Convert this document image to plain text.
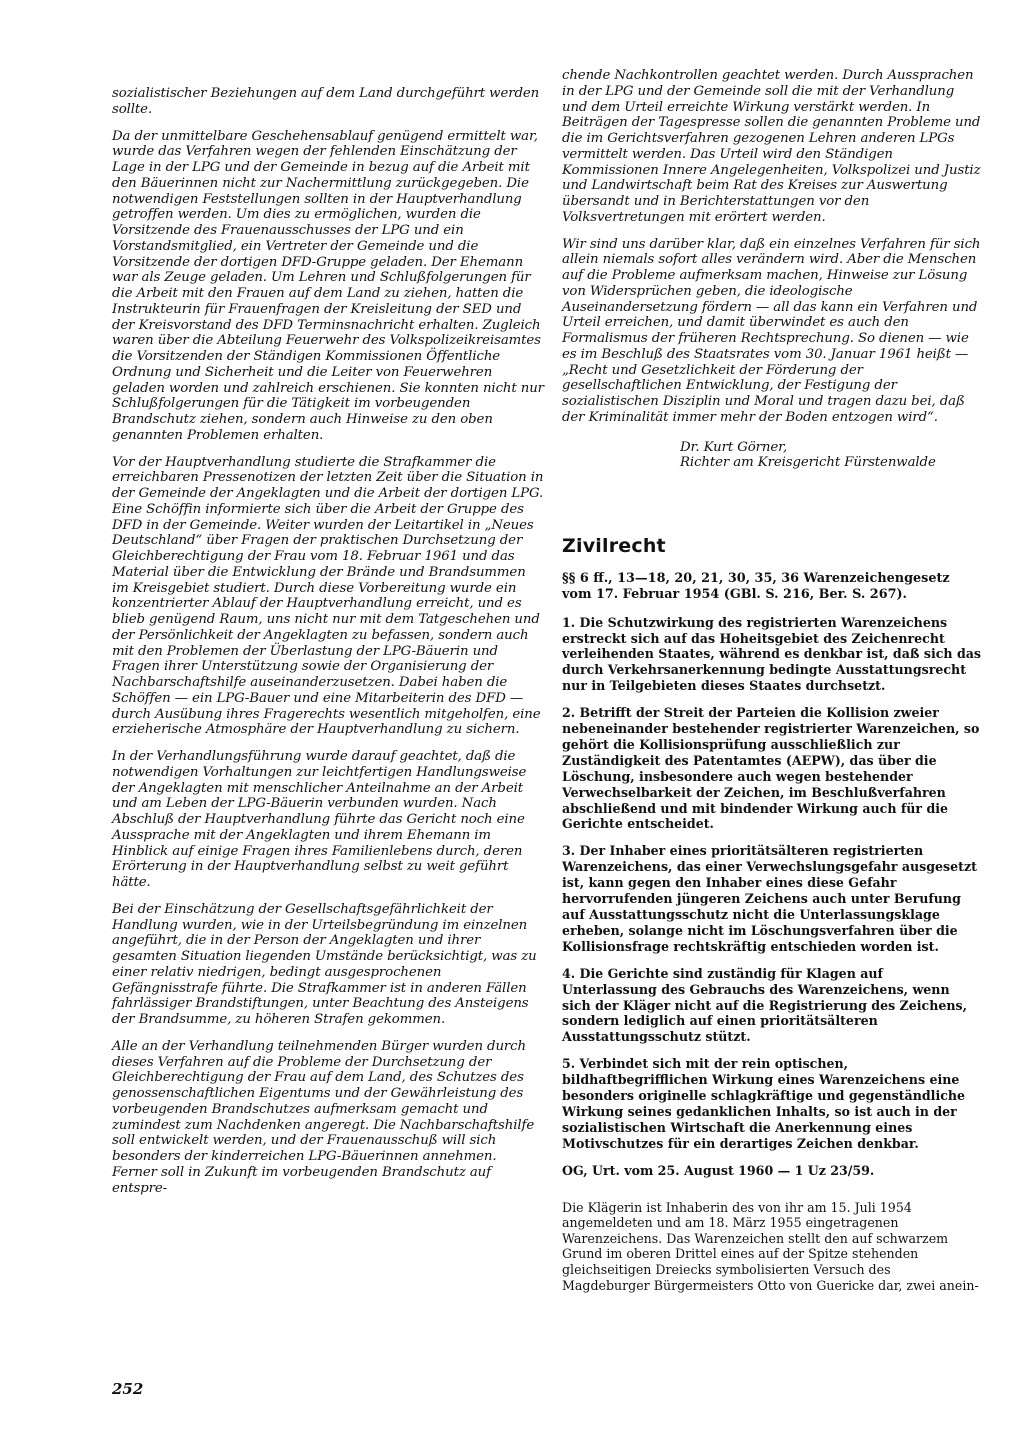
sozialistischer Beziehungen auf dem Land durchgeführt werden sollte.

Da der unmittelbare Geschehensablauf genügend ermittelt war, wurde das Verfahren wegen der fehlenden Einschätzung der Lage in der LPG und der Gemeinde in bezug auf die Arbeit mit den Bäuerinnen nicht zur Nachermittlung zurückgegeben. Die notwendigen Feststellungen sollten in der Hauptverhandlung getroffen werden. Um dies zu ermöglichen, wurden die Vorsitzende des Frauenausschusses der LPG und ein Vorstandsmitglied, ein Vertreter der Gemeinde und die Vorsitzende der dortigen DFD-Gruppe geladen. Der Ehemann war als Zeuge geladen. Um Lehren und Schlußfolgerungen für die Arbeit mit den Frauen auf dem Land zu ziehen, hatten die Instrukteurin für Frauenfragen der Kreisleitung der SED und der Kreisvorstand des DFD Terminsnachricht erhalten. Zugleich waren über die Abteilung Feuerwehr des Volkspolizeikreisamtes die Vorsitzenden der Ständigen Kommissionen Öffentliche Ordnung und Sicherheit und die Leiter von Feuerwehren geladen worden und zahlreich erschienen. Sie konnten nicht nur Schlußfolgerungen für die Tätigkeit im vorbeugenden Brandschutz ziehen, sondern auch Hinweise zu den oben genannten Problemen erhalten.

Vor der Hauptverhandlung studierte die Strafkammer die erreichbaren Pressenotizen der letzten Zeit über die Situation in der Gemeinde der Angeklagten und die Arbeit der dortigen LPG. Eine Schöffin informierte sich über die Arbeit der Gruppe des DFD in der Gemeinde. Weiter wurden der Leitartikel in „Neues Deutschland“ über Fragen der praktischen Durchsetzung der Gleichberechtigung der Frau vom 18. Februar 1961 und das Material über die Entwicklung der Brände und Brandsummen im Kreisgebiet studiert. Durch diese Vorbereitung wurde ein konzentrierter Ablauf der Hauptverhandlung erreicht, und es blieb genügend Raum, uns nicht nur mit dem Tatgeschehen und der Persönlichkeit der Angeklagten zu befassen, sondern auch mit den Problemen der Überlastung der LPG-Bäuerin und Fragen ihrer Unterstützung sowie der Organisierung der Nachbarschaftshilfe auseinanderzusetzen. Dabei haben die Schöffen — ein LPG-Bauer und eine Mitarbeiterin des DFD — durch Ausübung ihres Fragerechts wesentlich mitgeholfen, eine erzieherische Atmosphäre der Hauptverhandlung zu sichern.

In der Verhandlungsführung wurde darauf geachtet, daß die notwendigen Vorhaltungen zur leichtfertigen Handlungsweise der Angeklagten mit menschlicher Anteilnahme an der Arbeit und am Leben der LPG-Bäuerin verbunden wurden. Nach Abschluß der Hauptverhandlung führte das Gericht noch eine Aussprache mit der Angeklagten und ihrem Ehemann im Hinblick auf einige Fragen ihres Familienlebens durch, deren Erörterung in der Hauptverhandlung selbst zu weit geführt hätte.

Bei der Einschätzung der Gesellschaftsgefährlichkeit der Handlung wurden, wie in der Urteilsbegründung im einzelnen angeführt, die in der Person der Angeklagten und ihrer gesamten Situation liegenden Umstände berücksichtigt, was zu einer relativ niedrigen, bedingt ausgesprochenen Gefängnisstrafe führte. Die Strafkammer ist in anderen Fällen fahrlässiger Brandstiftungen, unter Beachtung des Ansteigens der Brandsumme, zu höheren Strafen gekommen.

Alle an der Verhandlung teilnehmenden Bürger wurden durch dieses Verfahren auf die Probleme der Durchsetzung der Gleichberechtigung der Frau auf dem Land, des Schutzes des genossenschaftlichen Eigentums und der Gewährleistung des vorbeugenden Brandschutzes aufmerksam gemacht und zumindest zum Nachdenken angeregt. Die Nachbarschaftshilfe soll entwickelt werden, und der Frauenausschuß will sich besonders der kinderreichen LPG-Bäuerinnen annehmen. Ferner soll in Zukunft im vorbeugenden Brandschutz auf entspre-

252

chende Nachkontrollen geachtet werden. Durch Aussprachen in der LPG und der Gemeinde soll die mit der Verhandlung und dem Urteil erreichte Wirkung verstärkt werden. In Beiträgen der Tagespresse sollen die genannten Probleme und die im Gerichtsverfahren gezogenen Lehren anderen LPGs vermittelt werden. Das Urteil wird den Ständigen Kommissionen Innere Angelegenheiten, Volkspolizei und Justiz und Landwirtschaft beim Rat des Kreises zur Auswertung übersandt und in Berichterstattungen vor den Volksvertretungen mit erörtert werden.

Wir sind uns darüber klar, daß ein einzelnes Verfahren für sich allein niemals sofort alles verändern wird. Aber die Menschen auf die Probleme aufmerksam machen, Hinweise zur Lösung von Widersprüchen geben, die ideologische Auseinandersetzung fördern — all das kann ein Verfahren und Urteil erreichen, und damit überwindet es auch den Formalismus der früheren Rechtsprechung. So dienen — wie es im Beschluß des Staatsrates vom 30. Januar 1961 heißt — „Recht und Gesetzlichkeit der Förderung der gesellschaftlichen Entwicklung, der Festigung der sozialistischen Disziplin und Moral und tragen dazu bei, daß der Kriminalität immer mehr der Boden entzogen wird“.

Dr. Kurt Görner,
Richter am Kreisgericht Fürstenwalde
Zivilrecht

§§ 6 ff., 13—18, 20, 21, 30, 35, 36 Warenzeichengesetz vom 17. Februar 1954 (GBl. S. 216, Ber. S. 267).

1. Die Schutzwirkung des registrierten Warenzeichens erstreckt sich auf das Hoheitsgebiet des Zeichenrecht verleihenden Staates, während es denkbar ist, daß sich das durch Verkehrsanerkennung bedingte Ausstattungsrecht nur in Teilgebieten dieses Staates durchsetzt.

2. Betrifft der Streit der Parteien die Kollision zweier nebeneinander bestehender registrierter Warenzeichen, so gehört die Kollisionsprüfung ausschließlich zur Zuständigkeit des Patentamtes (AEPW), das über die Löschung, insbesondere auch wegen bestehender Verwechselbarkeit der Zeichen, im Beschlußverfahren abschließend und mit bindender Wirkung auch für die Gerichte entscheidet.

3. Der Inhaber eines prioritätsälteren registrierten Warenzeichens, das einer Verwechslungsgefahr ausgesetzt ist, kann gegen den Inhaber eines diese Gefahr hervorrufenden jüngeren Zeichens auch unter Berufung auf Ausstattungsschutz nicht die Unterlassungsklage erheben, solange nicht im Löschungsverfahren über die Kollisionsfrage rechtskräftig entschieden worden ist.

4. Die Gerichte sind zuständig für Klagen auf Unterlassung des Gebrauchs des Warenzeichens, wenn sich der Kläger nicht auf die Registrierung des Zeichens, sondern lediglich auf einen prioritätsälteren Ausstattungsschutz stützt.

5. Verbindet sich mit der rein optischen, bildhaftbegrifflichen Wirkung eines Warenzeichens eine besonders originelle schlagkräftige und gegenständliche Wirkung seines gedanklichen Inhalts, so ist auch in der sozialistischen Wirtschaft die Anerkennung eines Motivschutzes für ein derartiges Zeichen denkbar.

OG, Urt. vom 25. August 1960 — 1 Uz 23/59.

Die Klägerin ist Inhaberin des von ihr am 15. Juli 1954 angemeldeten und am 18. März 1955 eingetragenen Warenzeichens. Das Warenzeichen stellt den auf schwarzem Grund im oberen Drittel eines auf der Spitze stehenden gleichseitigen Dreiecks symbolisierten Versuch des Magdeburger Bürgermeisters Otto von Guericke dar, zwei anein-
